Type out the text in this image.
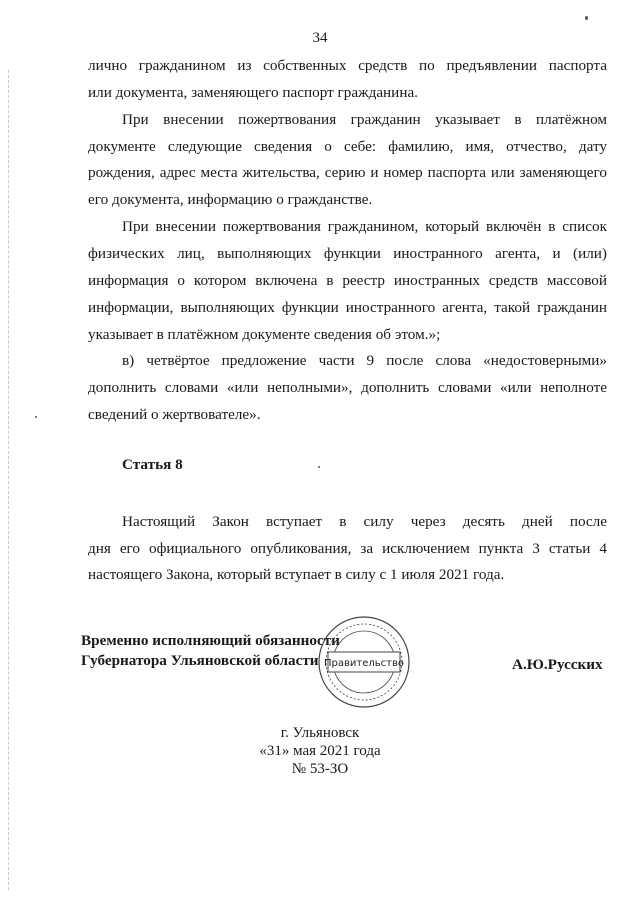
34
лично гражданином из собственных средств по предъявлении паспорта
или документа, заменяющего паспорт гражданина.
При внесении пожертвования гражданин указывает в платёжном
документе следующие сведения о себе: фамилию, имя, отчество, дату
рождения, адрес места жительства, серию и номер паспорта или заменяющего
его документа, информацию о гражданстве.
При внесении пожертвования гражданином, который включён в список
физических лиц, выполняющих функции иностранного агента, и (или)
информация о котором включена в реестр иностранных средств массовой
информации, выполняющих функции иностранного агента, такой гражданин
указывает в платёжном документе сведения об этом.»;
в) четвёртое предложение части 9 после слова «недостоверными»
дополнить словами «или неполными», дополнить словами «или неполноте
сведений о жертвователе».
Статья 8
Настоящий Закон вступает в силу через десять дней после
дня его официального опубликования, за исключением пункта 3 статьи 4
настоящего Закона, который вступает в силу с 1 июля 2021 года.
Временно исполняющий обязанности
Губернатора Ульяновской области	А.Ю.Русских
Правительство
г. Ульяновск
«31» мая 2021 года
№ 53-ЗО
